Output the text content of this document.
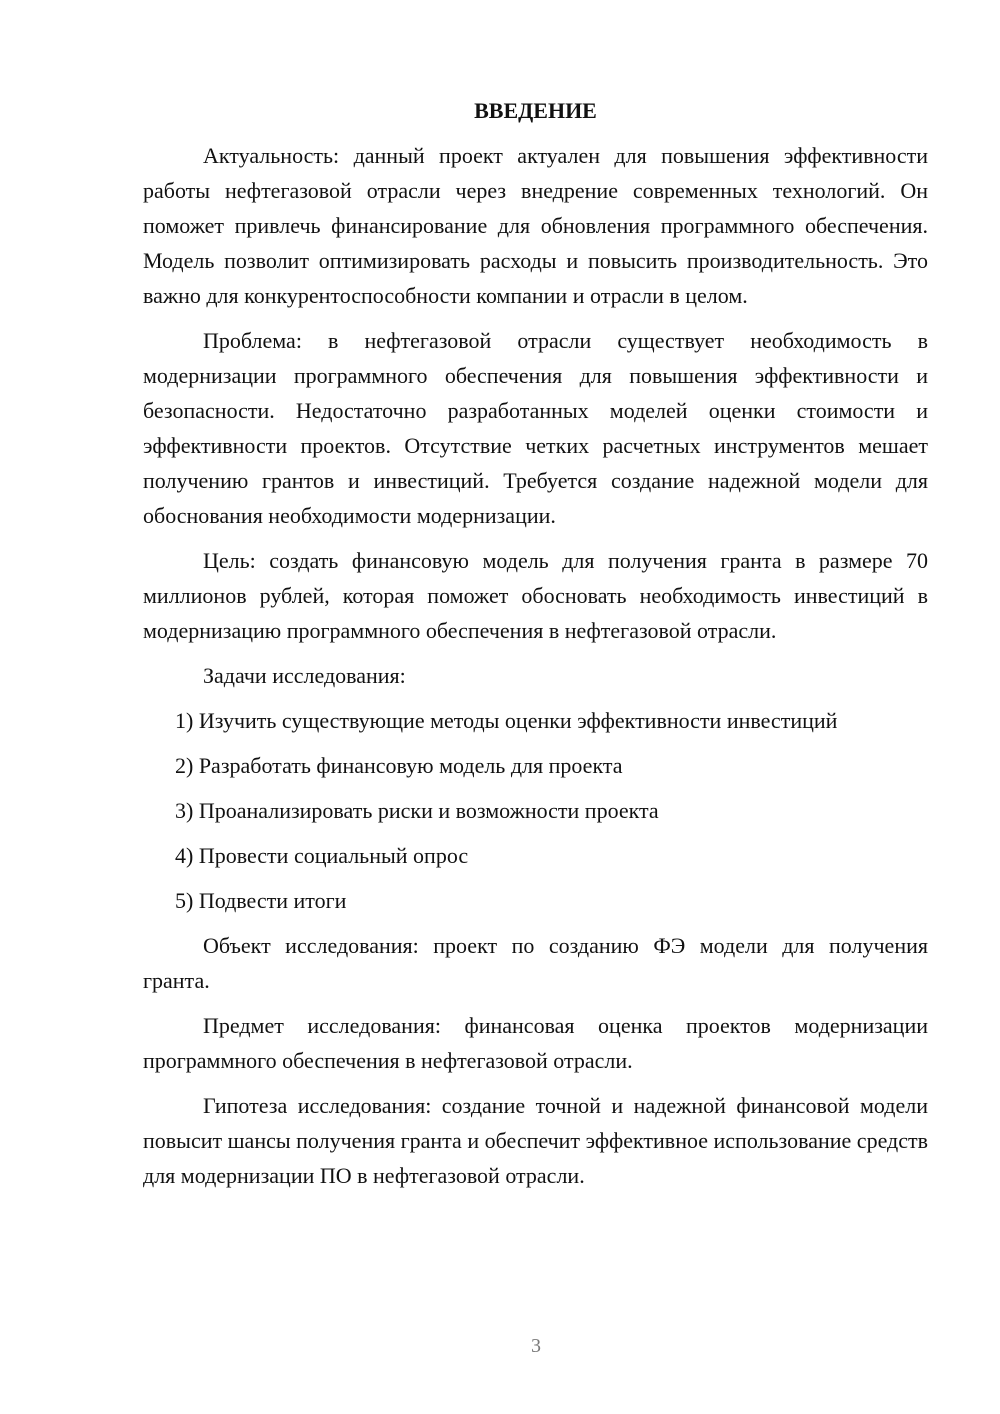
ВВЕДЕНИЕ

Актуальность: данный проект актуален для повышения эффективности работы нефтегазовой отрасли через внедрение современных технологий. Он поможет привлечь финансирование для обновления программного обеспечения. Модель позволит оптимизировать расходы и повысить производительность. Это важно для конкурентоспособности компании и отрасли в целом.

Проблема: в нефтегазовой отрасли существует необходимость в модернизации программного обеспечения для повышения эффективности и безопасности. Недостаточно разработанных моделей оценки стоимости и эффективности проектов. Отсутствие четких расчетных инструментов мешает получению грантов и инвестиций. Требуется создание надежной модели для обоснования необходимости модернизации.

Цель: создать финансовую модель для получения гранта в размере 70 миллионов рублей, которая поможет обосновать необходимость инвестиций в модернизацию программного обеспечения в нефтегазовой отрасли.

Задачи исследования:

1) Изучить существующие методы оценки эффективности инвестиций
2) Разработать финансовую модель для проекта
3) Проанализировать риски и возможности проекта
4) Провести социальный опрос
5) Подвести итоги

Объект исследования: проект по созданию ФЭ модели для получения гранта.

Предмет исследования: финансовая оценка проектов модернизации программного обеспечения в нефтегазовой отрасли.

Гипотеза исследования: создание точной и надежной финансовой модели повысит шансы получения гранта и обеспечит эффективное использование средств для модернизации ПО в нефтегазовой отрасли.

3
